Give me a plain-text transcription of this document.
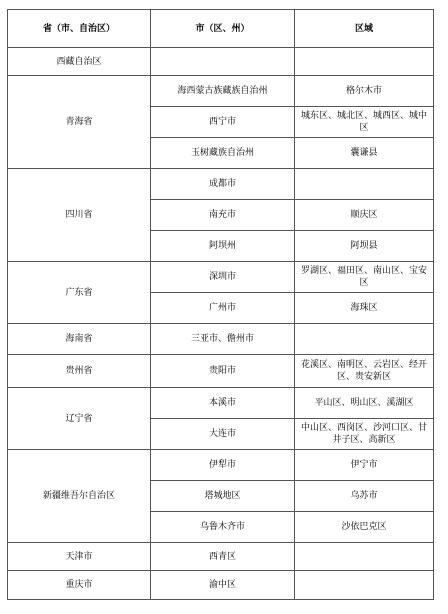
省（市、自治区）	市（区、州）	区域
西藏自治区		
青海省	海西蒙古族藏族自治州	格尔木市
	西宁市	城东区、城北区、城西区、城中区
	玉树藏族自治州	囊谦县
四川省	成都市	
	南充市	顺庆区
	阿坝州	阿坝县
广东省	深圳市	罗湖区、福田区、南山区、宝安区
	广州市	海珠区
海南省	三亚市、儋州市	
贵州省	贵阳市	花溪区、南明区、云岩区、经开区、贵安新区
辽宁省	本溪市	平山区、明山区、溪湖区
	大连市	中山区、西岗区、沙河口区、甘井子区、高新区
新疆维吾尔自治区	伊犁市	伊宁市
	塔城地区	乌苏市
	乌鲁木齐市	沙依巴克区
天津市	西青区	
重庆市	渝中区	
